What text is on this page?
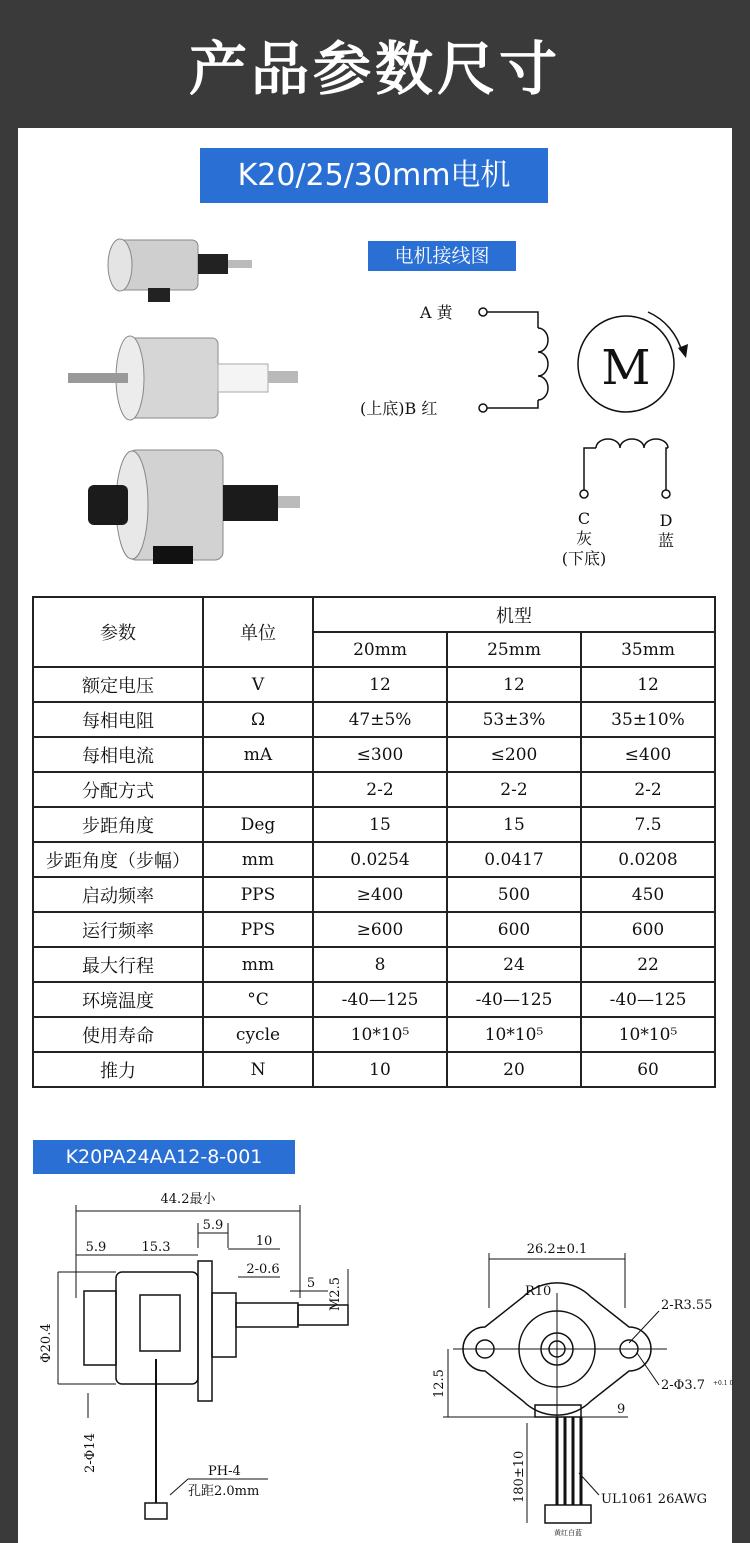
产品参数尺寸
K20/25/30mm电机
电机接线图
A 黄
(上底)B 红
M
C
灰
(下底)
D
蓝
参数	单位	机型		
		20mm	25mm	35mm
额定电压	V	12	12	12
每相电阻	Ω	47±5%	53±3%	35±10%
每相电流	mA	≤300	≤200	≤400
分配方式		2-2	2-2	2-2
步距角度	Deg	15	15	7.5
步距角度（步幅）	mm	0.0254	0.0417	0.0208
启动频率	PPS	≥400	500	450
运行频率	PPS	≥600	600	600
最大行程	mm	8	24	22
环境温度	°C	-40—125	-40—125	-40—125
使用寿命	cycle	10*10⁵	10*10⁵	10*10⁵
推力	N	10	20	60
K20PA24AA12-8-001
44.2最小
5.9
5.9	15.3	10
2-0.6
5 M2.5
Φ20.4
2-Φ14	PH-4
孔距2.0mm
26.2±0.1
R10
2-R3.55
2-Φ3.7 +0.1 0
12.5
9
180±10	UL1061 26AWG
黄红白蓝
